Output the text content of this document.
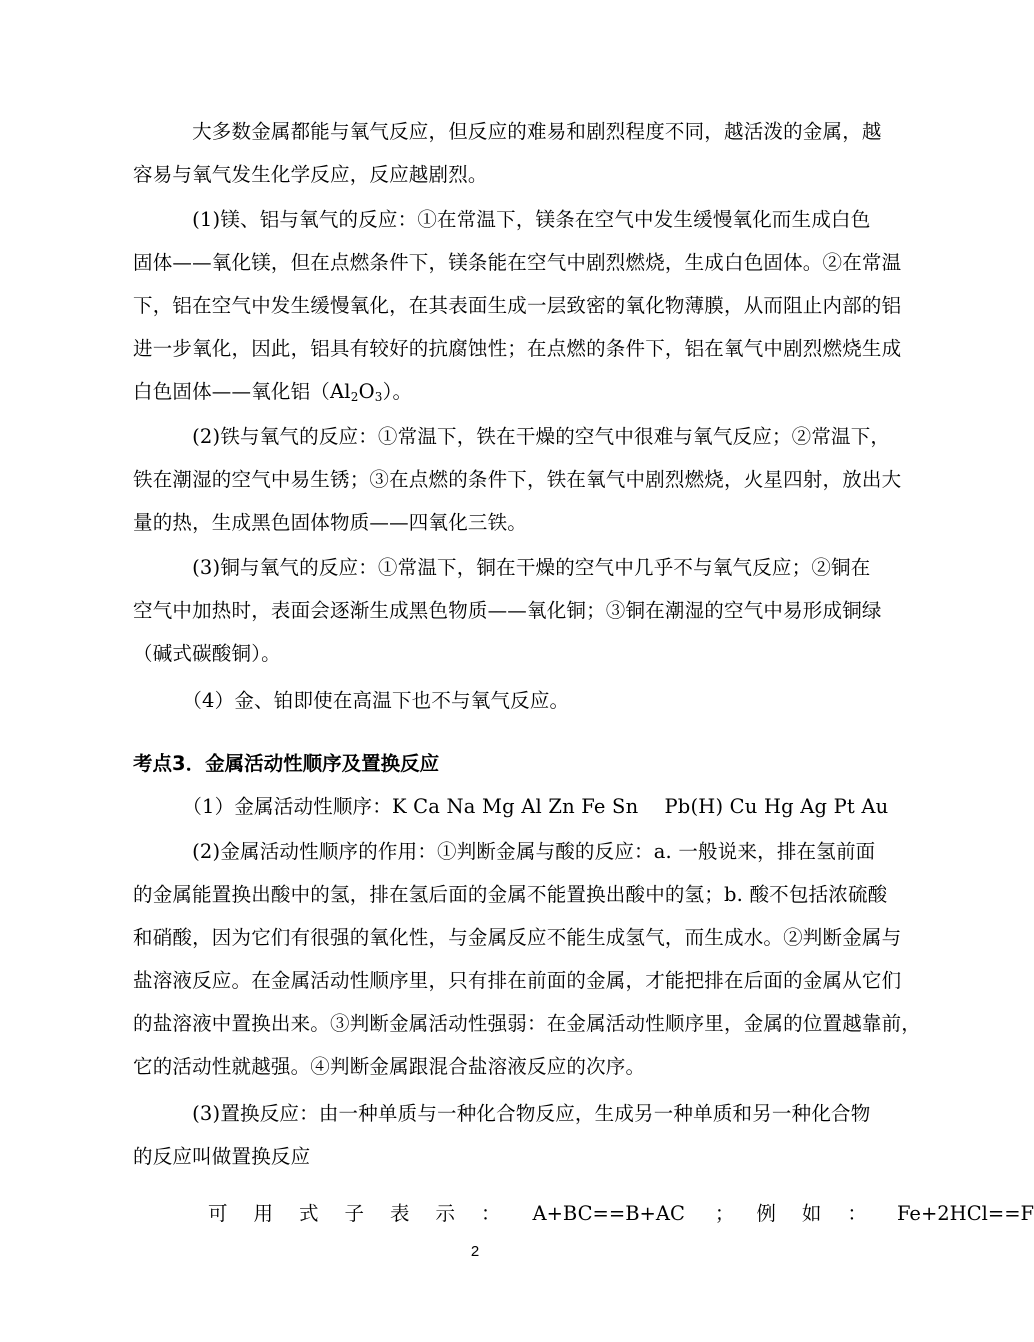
　　　大多数金属都能与氧气反应，但反应的难易和剧烈程度不同，越活泼的金属，越
容易与氧气发生化学反应，反应越剧烈。
　　　(1)镁、铝与氧气的反应：①在常温下，镁条在空气中发生缓慢氧化而生成白色
固体——氧化镁，但在点燃条件下，镁条能在空气中剧烈燃烧，生成白色固体。②在常温
下，铝在空气中发生缓慢氧化，在其表面生成一层致密的氧化物薄膜，从而阻止内部的铝
进一步氧化，因此，铝具有较好的抗腐蚀性；在点燃的条件下，铝在氧气中剧烈燃烧生成
白色固体——氧化铝$(Al_2O_3)$。
　　　(2)铁与氧气的反应：①常温下，铁在干燥的空气中很难与氧气反应；②常温下，
铁在潮湿的空气中易生锈；③在点燃的条件下，铁在氧气中剧烈燃烧，火星四射，放出大
量的热，生成黑色固体物质——四氧化三铁。
　　　(3)铜与氧气的反应：①常温下，铜在干燥的空气中几乎不与氧气反应；②铜在
空气中加热时，表面会逐渐生成黑色物质——氧化铜；③铜在潮湿的空气中易形成铜绿
（碱式碳酸铜）。
　　　（4）金、铂即使在高温下也不与氧气反应。
考点3．金属活动性顺序及置换反应
　　　（1）金属活动性顺序：K Ca Na Mg Al Zn Fe Sn　 Pb(H) Cu Hg Ag Pt Au
　　　(2)金属活动性顺序的作用：①判断金属与酸的反应：a. 一般说来，排在氢前面
的金属能置换出酸中的氢，排在氢后面的金属不能置换出酸中的氢；b. 酸不包括浓硫酸
和硝酸，因为它们有很强的氧化性，与金属反应不能生成氢气，而生成水。②判断金属与
盐溶液反应。在金属活动性顺序里，只有排在前面的金属，才能把排在后面的金属从它们
的盐溶液中置换出来。③判断金属活动性强弱：在金属活动性顺序里，金属的位置越靠前，
它的活动性就越强。④判断金属跟混合盐溶液反应的次序。
　　　(3)置换反应：由一种单质与一种化合物反应，生成另一种单质和另一种化合物
的反应叫做置换反应
可用式子表示： A+BC==B+AC ； 例如： Fe+2HCl==F
2
